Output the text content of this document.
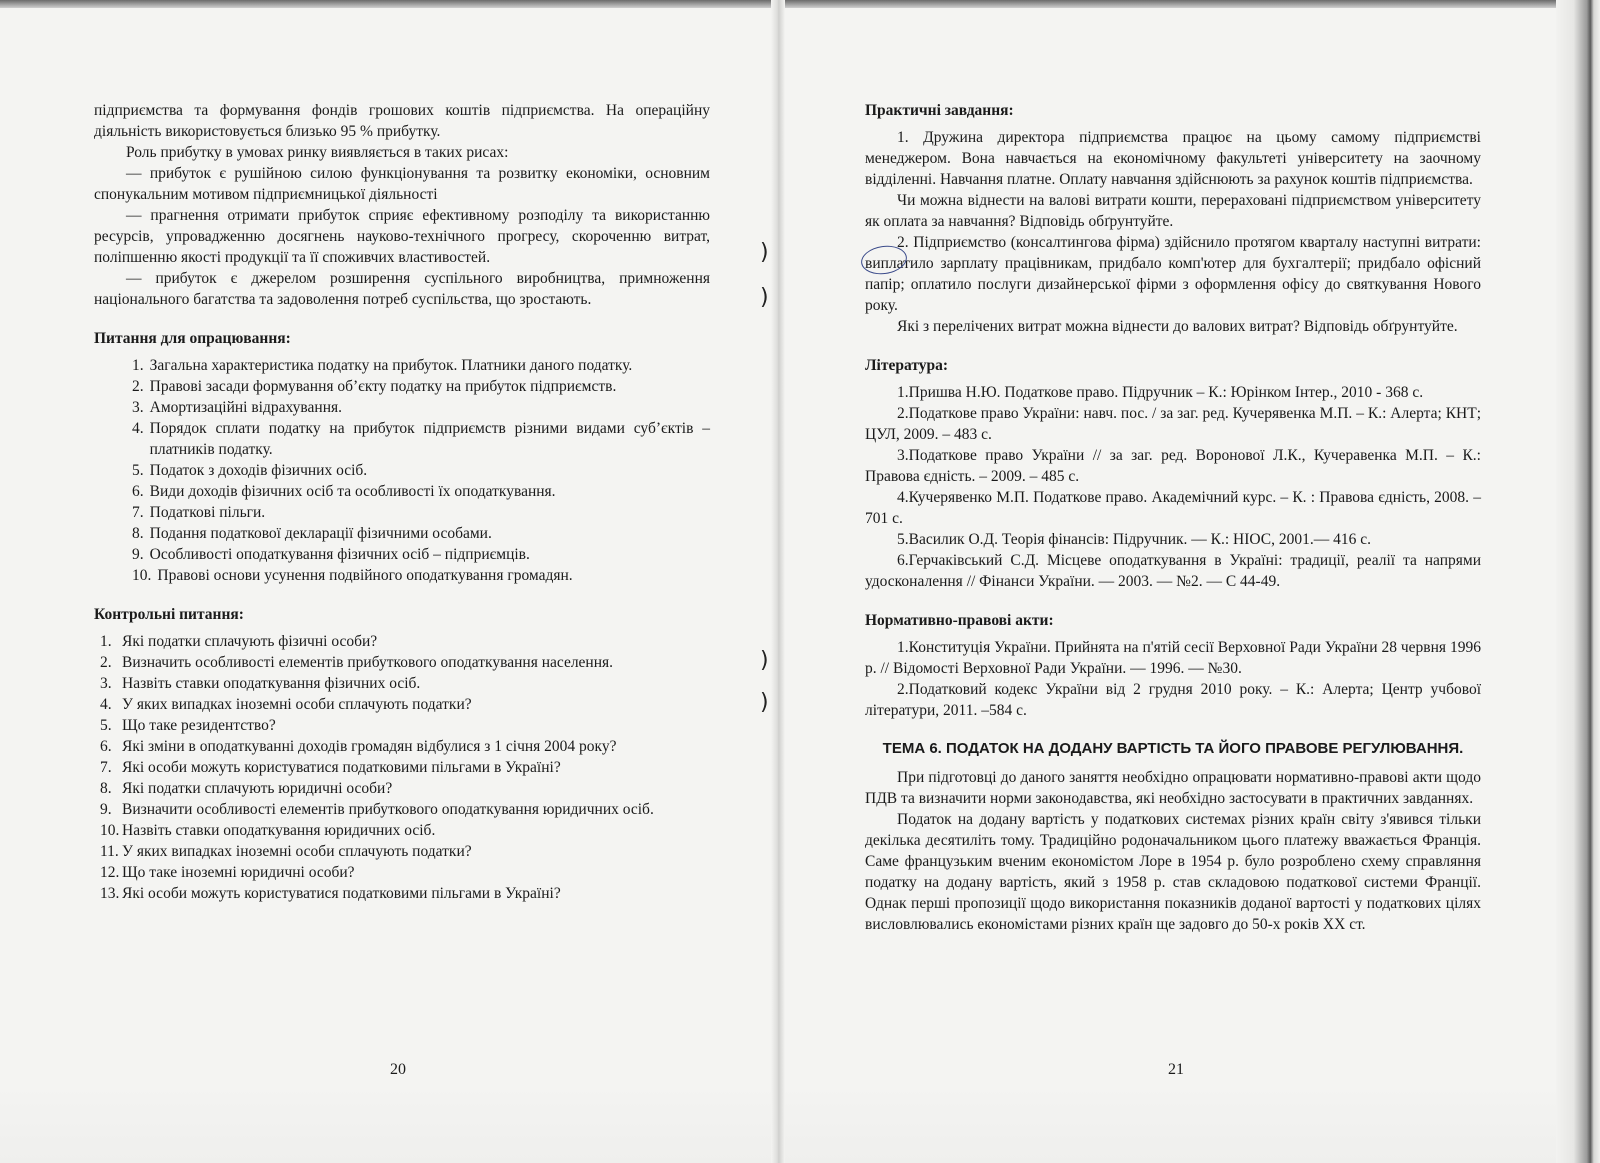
підприємства та формування фондів грошових коштів підприємства. На операційну діяльність використовується близько 95 % прибутку.

Роль прибутку в умовах ринку виявляється в таких рисах:

— прибуток є рушійною силою функціонування та розвитку економіки, основним спонукальним мотивом підприємницької діяльності

— прагнення отримати прибуток сприяє ефективному розподілу та використанню ресурсів, упровадженню досягнень науково-технічного прогресу, скороченню витрат, поліпшенню якості продукції та її споживчих властивостей.

— прибуток є джерелом розширення суспільного виробництва, примноження національного багатства та задоволення потреб суспільства, що зростають.

Питання для опрацювання:
1. Загальна характеристика податку на прибуток. Платники даного податку.
2. Правові засади формування об’єкту податку на прибуток підприємств.
3. Амортизаційні відрахування.
4. Порядок сплати податку на прибуток підприємств різними видами суб’єктів – платників податку.
5. Податок з доходів фізичних осіб.
6. Види доходів фізичних осіб та особливості їх оподаткування.
7. Податкові пільги.
8. Подання податкової декларації фізичними особами.
9. Особливості оподаткування фізичних осіб – підприємців.
10. Правові основи усунення подвійного оподаткування громадян.
Контрольні питання:
1. Які податки сплачують фізичні особи?
2. Визначить особливості елементів прибуткового оподаткування населення.
3. Назвіть ставки оподаткування фізичних осіб.
4. У яких випадках іноземні особи сплачують податки?
5. Що таке резидентство?
6. Які зміни в оподаткуванні доходів громадян відбулися з 1 січня 2004 року?
7. Які особи можуть користуватися податковими пільгами в Україні?
8. Які податки сплачують юридичні особи?
9. Визначити особливості елементів прибуткового оподаткування юридичних осіб.
10. Назвіть ставки оподаткування юридичних осіб.
11. У яких випадках іноземні особи сплачують податки?
12. Що таке іноземні юридичні особи?
13. Які особи можуть користуватися податковими пільгами в Україні?
20
)
)
)
)
Практичні завдання:

1. Дружина директора підприємства працює на цьому самому підприємстві менеджером. Вона навчається на економічному факультеті університету на заочному відділенні. Навчання платне. Оплату навчання здійснюють за рахунок коштів підприємства.

Чи можна віднести на валові витрати кошти, перераховані підприємством університету як оплата за навчання? Відповідь обґрунтуйте.

2. Підприємство (консалтингова фірма) здійснило протягом кварталу наступні витрати: виплатило зарплату працівникам, придбало комп'ютер для бухгалтерії; придбало офісний папір; оплатило послуги дизайнерської фірми з оформлення офісу до святкування Нового року.

Які з перелічених витрат можна віднести до валових витрат? Відповідь обґрунтуйте.

Література:

1.Пришва Н.Ю. Податкове право. Підручник – К.: Юрінком Інтер., 2010 - 368 с.

2.Податкове право України: навч. пос. / за заг. ред. Кучерявенка М.П. – К.: Алерта; КНТ; ЦУЛ, 2009. – 483 с.

3.Податкове право України // за заг. ред. Воронової Л.К., Кучеравенка М.П. – К.: Правова єдність. – 2009. – 485 с.

4.Кучерявенко М.П. Податкове право. Академічний курс. – К. : Правова єдність, 2008. – 701 с.

5.Василик О.Д. Теорія фінансів: Підручник. — К.: НІОС, 2001.— 416 с.

6.Герчаківський С.Д. Місцеве оподаткування в Україні: традиції, реалії та напрями удосконалення // Фінанси України. — 2003. — №2. — С 44-49.

Нормативно-правові акти:

1.Конституція України. Прийнята на п'ятій сесії Верховної Ради України 28 червня 1996 р. // Відомості Верховної Ради України. — 1996. — №30.

2.Податковий кодекс України від 2 грудня 2010 року. – К.: Алерта; Центр учбової літератури, 2011. –584 с.

ТЕМА 6. ПОДАТОК НА ДОДАНУ ВАРТІСТЬ ТА ЙОГО ПРАВОВЕ РЕГУЛЮВАННЯ.

При підготовці до даного заняття необхідно опрацювати нормативно-правові акти щодо ПДВ та визначити норми законодавства, які необхідно застосувати в практичних завданнях.

Податок на додану вартість у податкових системах різних країн світу з'явився тільки декілька десятиліть тому. Традиційно родоначальником цього платежу вважається Франція. Саме французьким вченим економістом Лоре в 1954 р. було розроблено схему справляння податку на додану вартість, який з 1958 р. став складовою податкової системи Франції. Однак перші пропозиції щодо використання показників доданої вартості у податкових цілях висловлювались економістами різних країн ще задовго до 50-х років ХХ ст.

21
